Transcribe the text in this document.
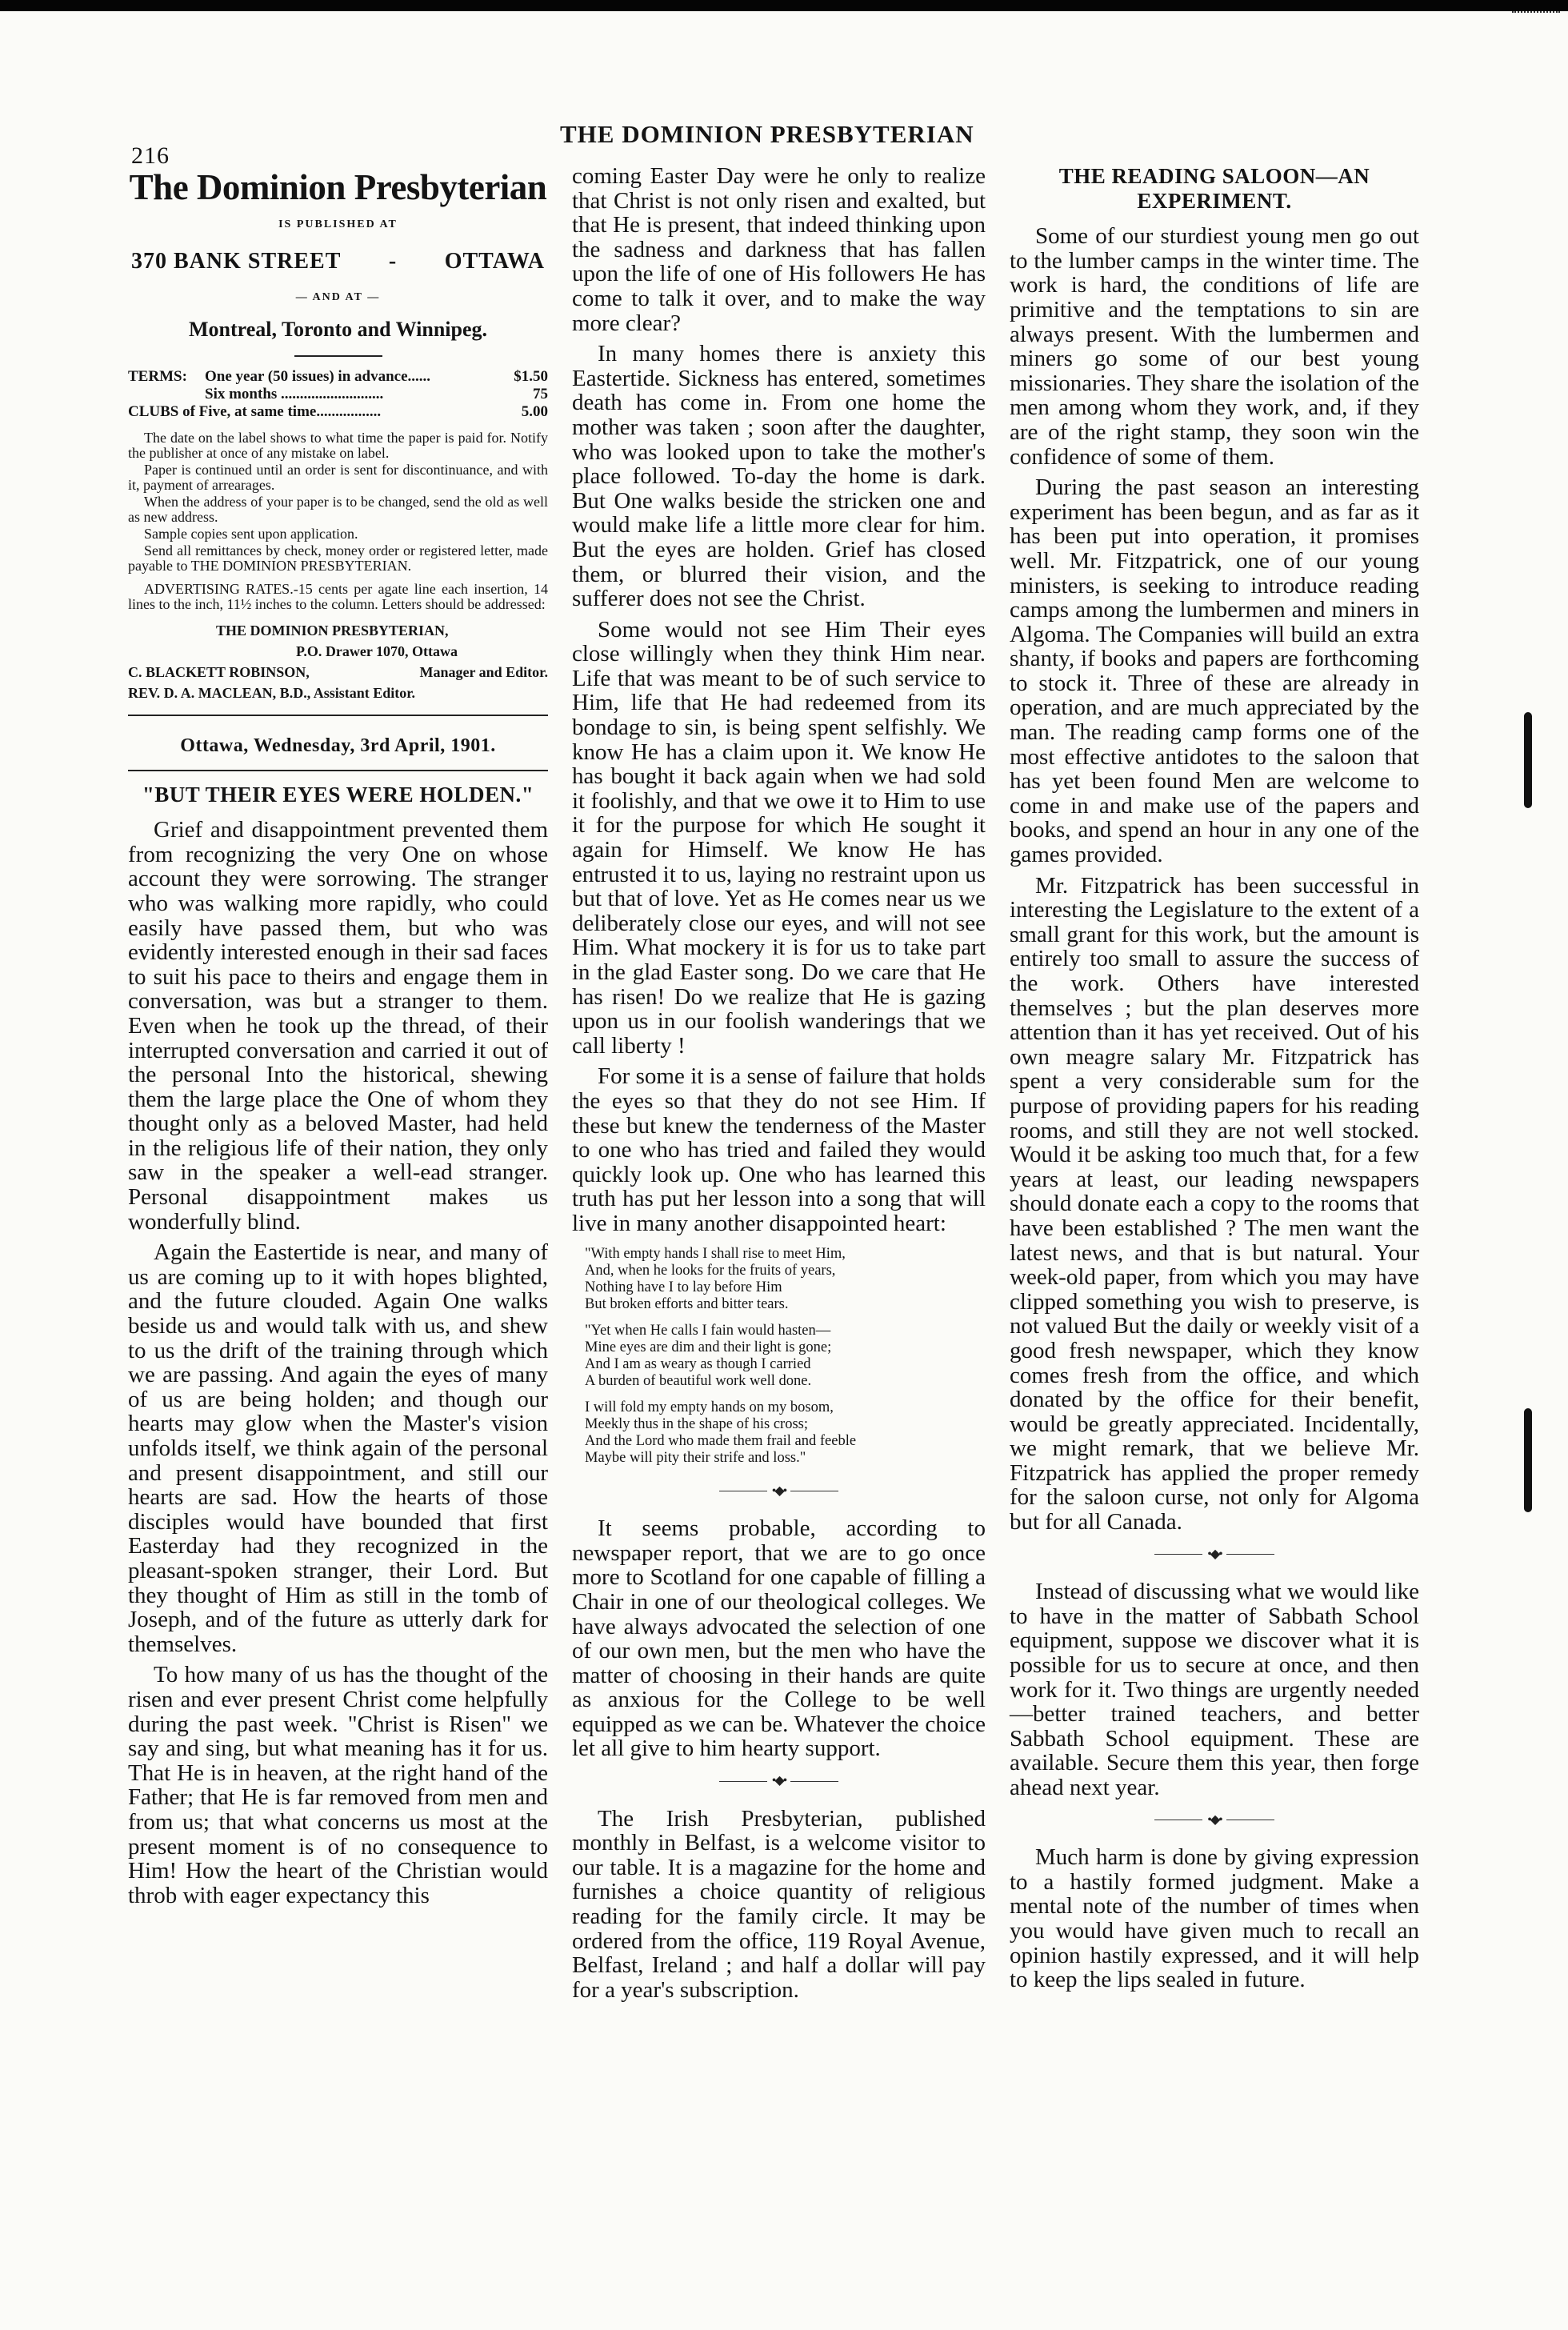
216
THE DOMINION PRESBYTERIAN
The Dominion Presbyterian
IS PUBLISHED AT
370 BANK STREET - OTTAWA
— AND AT —
Montreal, Toronto and Winnipeg.
TERMS:	One year (50 issues) in advance......	$1.50
Six months ...........................	75
CLUBS of Five, at same time.................	5.00

The date on the label shows to what time the paper is paid for. Notify the publisher at once of any mistake on label.

Paper is continued until an order is sent for discontinuance, and with it, payment of arrearages.

When the address of your paper is to be changed, send the old as well as new address.

Sample copies sent upon application.

Send all remittances by check, money order or registered letter, made payable to THE DOMINION PRESBYTERIAN.

ADVERTISING RATES.-15 cents per agate line each insertion, 14 lines to the inch, 11½ inches to the column. Letters should be addressed:

THE DOMINION PRESBYTERIAN,
P.O. Drawer 1070, Ottawa
C. BLACKETT ROBINSON,	Manager and Editor.
REV. D. A. MACLEAN, B.D., Assistant Editor.
Ottawa, Wednesday, 3rd April, 1901.
"BUT THEIR EYES WERE HOLDEN."

Grief and disappointment prevented them from recognizing the very One on whose account they were sorrowing. The stranger who was walking more rapidly, who could easily have passed them, but who was evidently interested enough in their sad faces to suit his pace to theirs and engage them in conversation, was but a stranger to them. Even when he took up the thread, of their interrupted conversation and carried it out of the personal Into the historical, shewing them the large place the One of whom they thought only as a beloved Master, had held in the religious life of their nation, they only saw in the speaker a well-ead stranger. Personal disappointment makes us wonderfully blind.

Again the Eastertide is near, and many of us are coming up to it with hopes blighted, and the future clouded. Again One walks beside us and would talk with us, and shew to us the drift of the training through which we are passing. And again the eyes of many of us are being holden; and though our hearts may glow when the Master's vision unfolds itself, we think again of the personal and present disappointment, and still our hearts are sad. How the hearts of those disciples would have bounded that first Easterday had they recognized in the pleasant-spoken stranger, their Lord. But they thought of Him as still in the tomb of Joseph, and of the future as utterly dark for themselves.

To how many of us has the thought of the risen and ever present Christ come helpfully during the past week. "Christ is Risen" we say and sing, but what meaning has it for us. That He is in heaven, at the right hand of the Father; that He is far removed from men and from us; that what concerns us most at the present moment is of no consequence to Him! How the heart of the Christian would throb with eager expectancy this

coming Easter Day were he only to realize that Christ is not only risen and exalted, but that He is present, that indeed thinking upon the sadness and darkness that has fallen upon the life of one of His followers He has come to talk it over, and to make the way more clear?

In many homes there is anxiety this Eastertide. Sickness has entered, sometimes death has come in. From one home the mother was taken ; soon after the daughter, who was looked upon to take the mother's place followed. To-day the home is dark. But One walks beside the stricken one and would make life a little more clear for him. But the eyes are holden. Grief has closed them, or blurred their vision, and the sufferer does not see the Christ.

Some would not see Him Their eyes close willingly when they think Him near. Life that was meant to be of such service to Him, life that He had redeemed from its bondage to sin, is being spent selfishly. We know He has a claim upon it. We know He has bought it back again when we had sold it foolishly, and that we owe it to Him to use it for the purpose for which He sought it again for Himself. We know He has entrusted it to us, laying no restraint upon us but that of love. Yet as He comes near us we deliberately close our eyes, and will not see Him. What mockery it is for us to take part in the glad Easter song. Do we care that He has risen! Do we realize that He is gazing upon us in our foolish wanderings that we call liberty !

For some it is a sense of failure that holds the eyes so that they do not see Him. If these but knew the tenderness of the Master to one who has tried and failed they would quickly look up. One who has learned this truth has put her lesson into a song that will live in many another disappointed heart:

"With empty hands I shall rise to meet Him,
And, when he looks for the fruits of years,
Nothing have I to lay before Him
But broken efforts and bitter tears.
"Yet when He calls I fain would hasten—
Mine eyes are dim and their light is gone;
And I am as weary as though I carried
A burden of beautiful work well done.
I will fold my empty hands on my bosom,
Meekly thus in the shape of his cross;
And the Lord who made them frail and feeble
Maybe will pity their strife and loss."
•◆•

It seems probable, according to newspaper report, that we are to go once more to Scotland for one capable of filling a Chair in one of our theological colleges. We have always advocated the selection of one of our own men, but the men who have the matter of choosing in their hands are quite as anxious for the College to be well equipped as we can be. Whatever the choice let all give to him hearty support.

•◆•

The Irish Presbyterian, published monthly in Belfast, is a welcome visitor to our table. It is a magazine for the home and furnishes a choice quantity of religious reading for the family circle. It may be ordered from the office, 119 Royal Avenue, Belfast, Ireland ; and half a dollar will pay for a year's subscription.

THE READING SALOON—AN EXPERIMENT.

Some of our sturdiest young men go out to the lumber camps in the winter time. The work is hard, the conditions of life are primitive and the temptations to sin are always present. With the lumbermen and miners go some of our best young missionaries. They share the isolation of the men among whom they work, and, if they are of the right stamp, they soon win the confidence of some of them.

During the past season an interesting experiment has been begun, and as far as it has been put into operation, it promises well. Mr. Fitzpatrick, one of our young ministers, is seeking to introduce reading camps among the lumbermen and miners in Algoma. The Companies will build an extra shanty, if books and papers are forthcoming to stock it. Three of these are already in operation, and are much appreciated by the man. The reading camp forms one of the most effective antidotes to the saloon that has yet been found Men are welcome to come in and make use of the papers and books, and spend an hour in any one of the games provided.

Mr. Fitzpatrick has been successful in interesting the Legislature to the extent of a small grant for this work, but the amount is entirely too small to assure the success of the work. Others have interested themselves ; but the plan deserves more attention than it has yet received. Out of his own meagre salary Mr. Fitzpatrick has spent a very considerable sum for the purpose of providing papers for his reading rooms, and still they are not well stocked. Would it be asking too much that, for a few years at least, our leading newspapers should donate each a copy to the rooms that have been established ? The men want the latest news, and that is but natural. Your week-old paper, from which you may have clipped something you wish to preserve, is not valued But the daily or weekly visit of a good fresh newspaper, which they know comes fresh from the office, and which donated by the office for their benefit, would be greatly appreciated. Incidentally, we might remark, that we believe Mr. Fitzpatrick has applied the proper remedy for the saloon curse, not only for Algoma but for all Canada.

•◆•

Instead of discussing what we would like to have in the matter of Sabbath School equipment, suppose we discover what it is possible for us to secure at once, and then work for it. Two things are urgently needed—better trained teachers, and better Sabbath School equipment. These are available. Secure them this year, then forge ahead next year.

•◆•

Much harm is done by giving expression to a hastily formed judgment. Make a mental note of the number of times when you would have given much to recall an opinion hastily expressed, and it will help to keep the lips sealed in future.
